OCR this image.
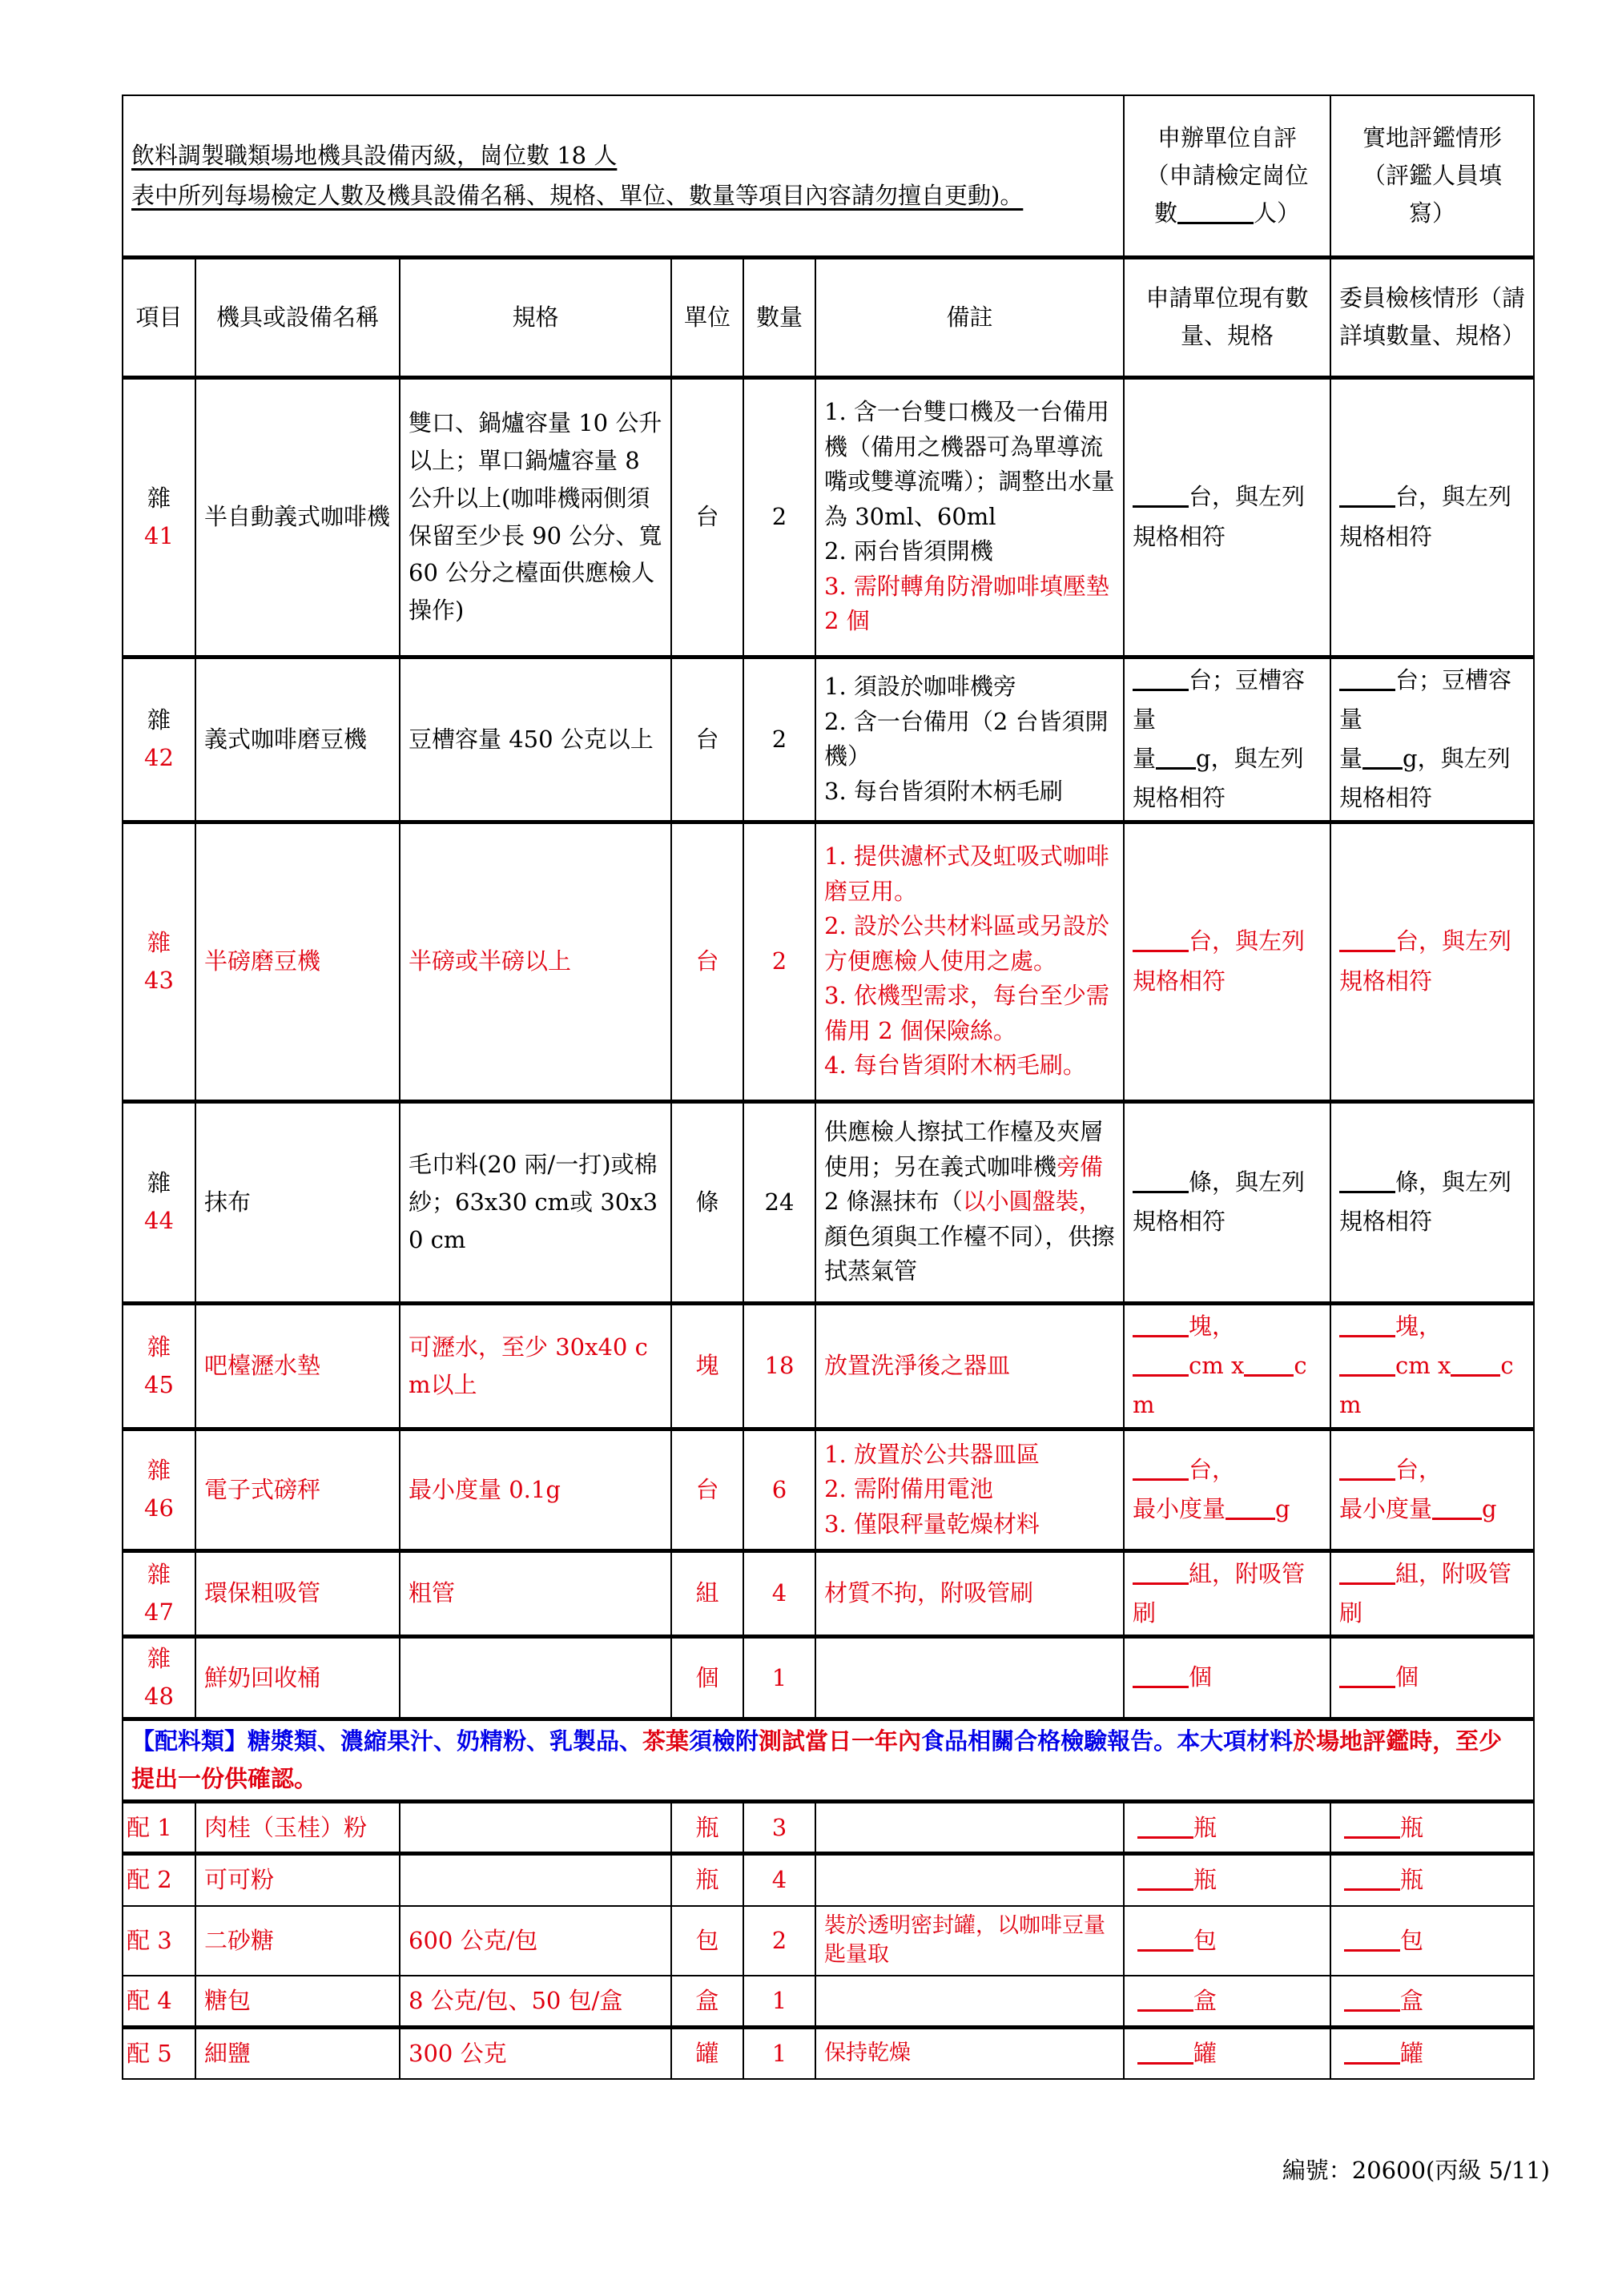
飲料調製職類場地機具設備丙級，崗位數 18 人
表中所列每場檢定人數及機具設備名稱、規格、單位、數量等項目內容請勿擅自更動)。						申辦單位自評
（申請檢定崗位
數 人）	實地評鑑情形
（評鑑人員填
寫）

項目	機具或設備名稱	規格	單位	數量	備註	申請單位現有數量、規格	委員檢核情形（請詳填數量、規格）

雜
41	半自動義式咖啡機	雙口、鍋爐容量 10 公升以上；單口鍋爐容量 8 公升以上(咖啡機兩側須保留至少長 90 公分、寬 60 公分之檯面供應檢人操作)	台	2	1. 含一台雙口機及一台備用機（備用之機器可為單導流嘴或雙導流嘴）；調整出水量為 30ml、60ml
2. 兩台皆須開機
3. 需附轉角防滑咖啡填壓墊 2 個	台，與左列規格相符	台，與左列規格相符

雜
42	義式咖啡磨豆機	豆槽容量 450 公克以上	台	2	1. 須設於咖啡機旁
2. 含一台備用（2 台皆須開機）
3. 每台皆須附木柄毛刷	台；豆槽容量
量 g，與左列規格相符	台；豆槽容量
量 g，與左列規格相符

雜
43	半磅磨豆機	半磅或半磅以上	台	2	1. 提供濾杯式及虹吸式咖啡磨豆用。
2. 設於公共材料區或另設於方便應檢人使用之處。
3. 依機型需求，每台至少需備用 2 個保險絲。
4. 每台皆須附木柄毛刷。	台，與左列規格相符	台，與左列規格相符

雜
44	抹布	毛巾料(20 兩/一打)或棉紗；63x30 cm或 30x30 cm	條	24	供應檢人擦拭工作檯及夾層使用；另在義式咖啡機旁備 2 條濕抹布（以小圓盤裝，顏色須與工作檯不同），供擦拭蒸氣管	條，與左列規格相符	條，與左列規格相符

雜
45	吧檯瀝水墊	可瀝水，至少 30x40 cm以上	塊	18	放置洗淨後之器皿	塊，
cm x cm	塊，
cm x cm

雜
46	電子式磅秤	最小度量 0.1g	台	6	1. 放置於公共器皿區
2. 需附備用電池
3. 僅限秤量乾燥材料	台，
最小度量 g	台，
最小度量 g

雜
47	環保粗吸管	粗管	組	4	材質不拘，附吸管刷	組，附吸管刷	組，附吸管刷

雜
48	鮮奶回收桶		個	1		個	個
【配料類】糖漿類、濃縮果汁、奶精粉、乳製品、茶葉須檢附測試當日一年內食品相關合格檢驗報告。本大項材料於場地評鑑時，至少提出一份供確認。							
配 1	肉桂（玉桂）粉		瓶	3		瓶	瓶
配 2	可可粉		瓶	4		瓶	瓶
配 3	二砂糖	600 公克/包	包	2	裝於透明密封罐，以咖啡豆量匙量取	包	包
配 4	糖包	8 公克/包、50 包/盒	盒	1		盒	盒
配 5	細鹽	300 公克	罐	1	保持乾燥	罐	罐
編號：20600(丙級 5/11)
